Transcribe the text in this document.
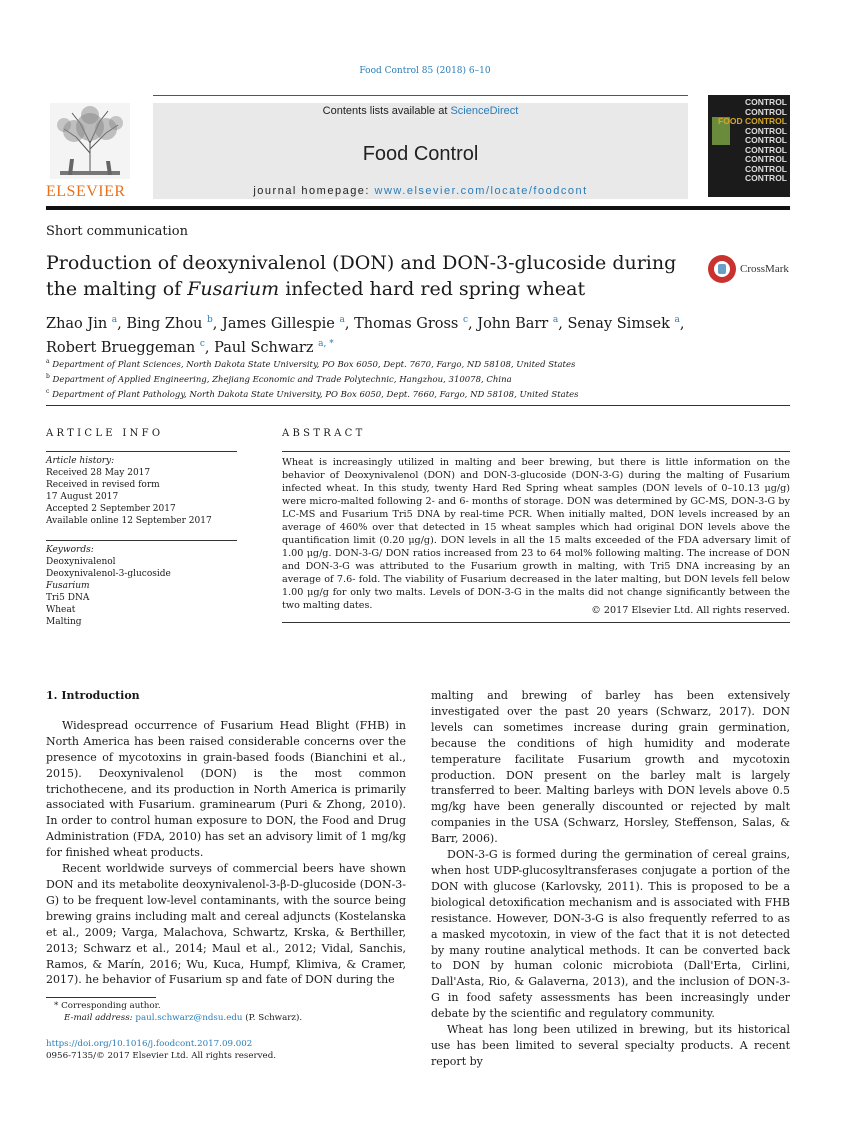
Food Control 85 (2018) 6–10
ELSEVIER
Contents lists available at ScienceDirect
Food Control
journal homepage: www.elsevier.com/locate/foodcont
CONTROL
CONTROL
FOOD CONTROL
CONTROL
CONTROL
CONTROL
CONTROL
CONTROL
CONTROL
Short communication
Production of deoxynivalenol (DON) and DON-3-glucoside during
the malting of Fusarium infected hard red spring wheat
CrossMark
Zhao Jin $^a$, Bing Zhou $^b$, James Gillespie $^a$, Thomas Gross $^c$, John Barr $^a$, Senay Simsek $^a$,
Robert Brueggeman $^c$, Paul Schwarz $^{a, *}$
$^a$ Department of Plant Sciences, North Dakota State University, PO Box 6050, Dept. 7670, Fargo, ND 58108, United States
$^b$ Department of Applied Engineering, Zhejiang Economic and Trade Polytechnic, Hangzhou, 310078, China
$^c$ Department of Plant Pathology, North Dakota State University, PO Box 6050, Dept. 7660, Fargo, ND 58108, United States
ARTICLE INFO	ABSTRACT
Article history:
Received 28 May 2017
Received in revised form
17 August 2017
Accepted 2 September 2017
Available online 12 September 2017
Keywords:
Deoxynivalenol
Deoxynivalenol-3-glucoside
Fusarium
Tri5 DNA
Wheat
Malting
Wheat is increasingly utilized in malting and beer brewing, but there is little information on the behavior of Deoxynivalenol (DON) and DON-3-glucoside (DON-3-G) during the malting of Fusarium infected wheat. In this study, twenty Hard Red Spring wheat samples (DON levels of 0–10.13 μg/g) were micro-malted following 2- and 6- months of storage. DON was determined by GC-MS, DON-3-G by LC-MS and Fusarium Tri5 DNA by real-time PCR. When initially malted, DON levels increased by an average of 460% over that detected in 15 wheat samples which had original DON levels above the quantification limit (0.20 μg/g). DON levels in all the 15 malts exceeded of the FDA adversary limit of 1.00 μg/g. DON-3-G/ DON ratios increased from 23 to 64 mol% following malting. The increase of DON and DON-3-G was attributed to the Fusarium growth in malting, with Tri5 DNA increasing by an average of 7.6- fold. The viability of Fusarium decreased in the later malting, but DON levels fell below 1.00 μg/g for only two malts. Levels of DON-3-G in the malts did not change significantly between the two malting dates.	© 2017 Elsevier Ltd. All rights reserved.

1. Introduction

Widespread occurrence of Fusarium Head Blight (FHB) in North America has been raised considerable concerns over the presence of mycotoxins in grain-based foods (Bianchini et al., 2015). Deoxynivalenol (DON) is the most common trichothecene, and its production in North America is primarily associated with Fusarium. graminearum (Puri & Zhong, 2010). In order to control human exposure to DON, the Food and Drug Administration (FDA, 2010) has set an advisory limit of 1 mg/kg for finished wheat products.

Recent worldwide surveys of commercial beers have shown DON and its metabolite deoxynivalenol-3-β-D-glucoside (DON-3-G) to be frequent low-level contaminants, with the source being brewing grains including malt and cereal adjuncts (Kostelanska et al., 2009; Varga, Malachova, Schwartz, Krska, & Berthiller, 2013; Schwarz et al., 2014; Maul et al., 2012; Vidal, Sanchis, Ramos, & Marín, 2016; Wu, Kuca, Humpf, Klimiva, & Cramer, 2017). he behavior of Fusarium sp and fate of DON during the

malting and brewing of barley has been extensively investigated over the past 20 years (Schwarz, 2017). DON levels can sometimes increase during grain germination, because the conditions of high humidity and moderate temperature facilitate Fusarium growth and mycotoxin production. DON present on the barley malt is largely transferred to beer. Malting barleys with DON levels above 0.5 mg/kg have been generally discounted or rejected by malt companies in the USA (Schwarz, Horsley, Steffenson, Salas, & Barr, 2006).

DON-3-G is formed during the germination of cereal grains, when host UDP-glucosyltransferases conjugate a portion of the DON with glucose (Karlovsky, 2011). This is proposed to be a biological detoxification mechanism and is associated with FHB resistance. However, DON-3-G is also frequently referred to as a masked mycotoxin, in view of the fact that it is not detected by many routine analytical methods. It can be converted back to DON by human colonic microbiota (Dall'Erta, Cirlini, Dall'Asta, Rio, & Galaverna, 2013), and the inclusion of DON-3-G in food safety assessments has been increasingly under debate by the scientific and regulatory community.

Wheat has long been utilized in brewing, but its historical use has been limited to several specialty products. A recent report by

* Corresponding author.
E-mail address: paul.schwarz@ndsu.edu (P. Schwarz).
https://doi.org/10.1016/j.foodcont.2017.09.002
0956-7135/© 2017 Elsevier Ltd. All rights reserved.
